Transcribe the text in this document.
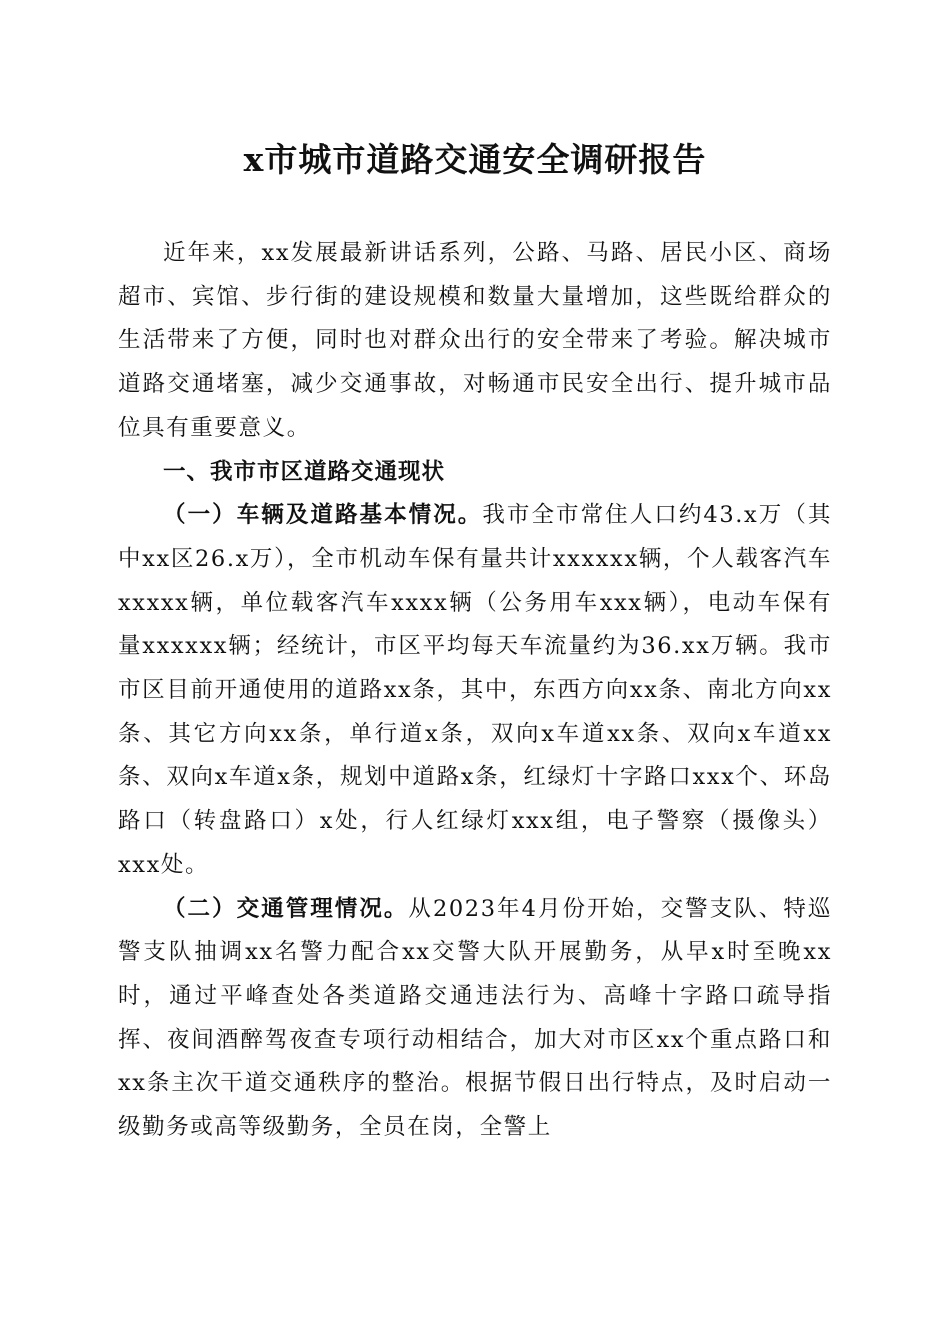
x市城市道路交通安全调研报告

近年来，xx发展最新讲话系列，公路、马路、居民小区、商场超市、宾馆、步行街的建设规模和数量大量增加，这些既给群众的生活带来了方便，同时也对群众出行的安全带来了考验。解决城市道路交通堵塞，减少交通事故，对畅通市民安全出行、提升城市品位具有重要意义。

一、我市市区道路交通现状

（一）车辆及道路基本情况。我市全市常住人口约43.x万（其中xx区26.x万），全市机动车保有量共计xxxxxx辆，个人载客汽车xxxxx辆，单位载客汽车xxxx辆（公务用车xxx辆），电动车保有量xxxxxx辆；经统计，市区平均每天车流量约为36.xx万辆。我市市区目前开通使用的道路xx条，其中，东西方向xx条、南北方向xx条、其它方向xx条，单行道x条，双向x车道xx条、双向x车道xx条、双向x车道x条，规划中道路x条，红绿灯十字路口xxx个、环岛路口（转盘路口）x处，行人红绿灯xxx组，电子警察（摄像头）xxx处。

（二）交通管理情况。从2023年4月份开始，交警支队、特巡警支队抽调xx名警力配合xx交警大队开展勤务，从早x时至晚xx时，通过平峰查处各类道路交通违法行为、高峰十字路口疏导指挥、夜间酒醉驾夜查专项行动相结合，加大对市区xx个重点路口和xx条主次干道交通秩序的整治。根据节假日出行特点，及时启动一级勤务或高等级勤务，全员在岗，全警上
